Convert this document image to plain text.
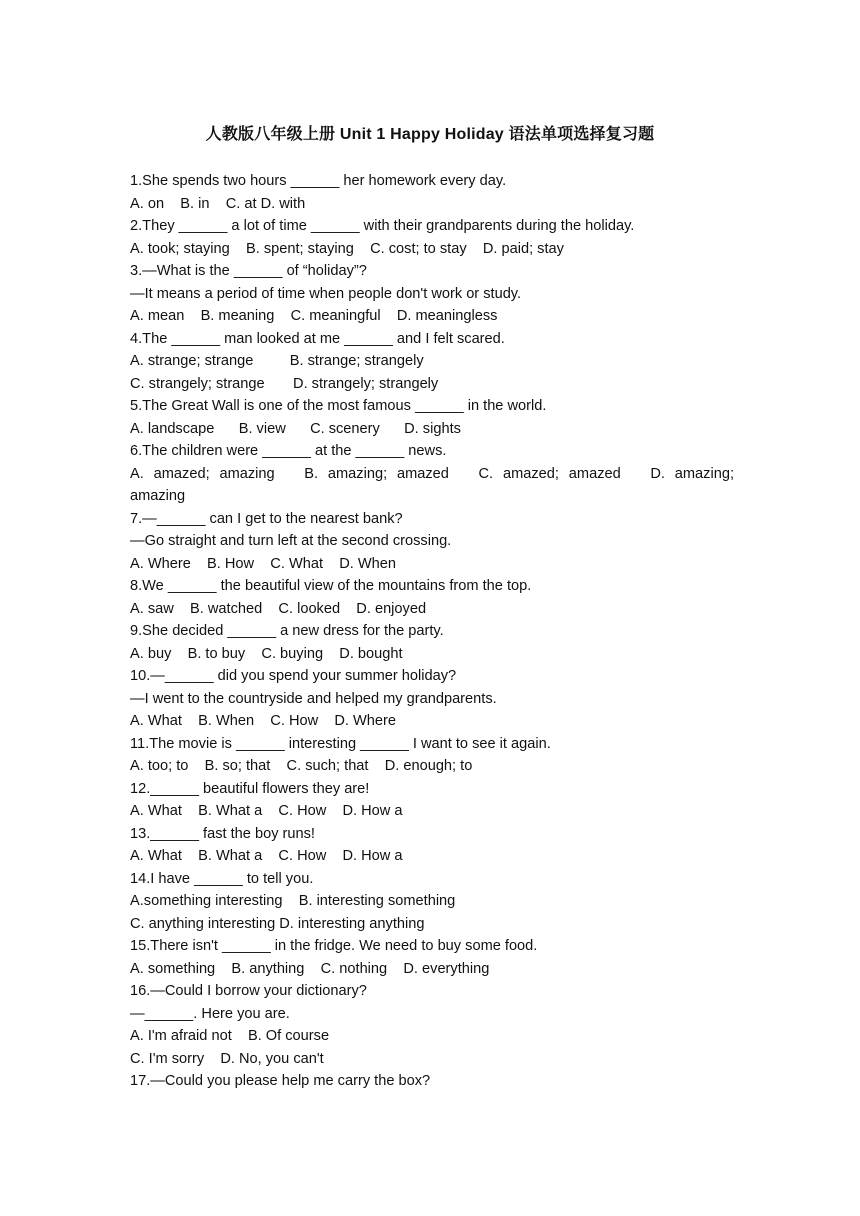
人教版八年级上册 Unit 1 Happy Holiday 语法单项选择复习题

1.She spends two hours ______ her homework every day.

A. on    B. in    C. at D. with

2.They ______ a lot of time ______ with their grandparents during the holiday.

A. took; staying    B. spent; staying    C. cost; to stay    D. paid; stay

3.—What is the ______ of “holiday”?

—It means a period of time when people don't work or study.

A. mean    B. meaning    C. meaningful    D. meaningless

4.The ______ man looked at me ______ and I felt scared.

A. strange; strange         B. strange; strangely

C. strangely; strange       D. strangely; strangely

5.The Great Wall is one of the most famous ______ in the world.

A. landscape      B. view      C. scenery      D. sights

6.The children were ______ at the ______ news.

A.  amazed;  amazing      B.  amazing;  amazed      C.  amazed;  amazed      D.  amazing;

amazing

7.—______ can I get to the nearest bank?

—Go straight and turn left at the second crossing.

A. Where    B. How    C. What    D. When

8.We ______ the beautiful view of the mountains from the top.

A. saw    B. watched    C. looked    D. enjoyed

9.She decided ______ a new dress for the party.

A. buy    B. to buy    C. buying    D. bought

10.—______ did you spend your summer holiday?

—I went to the countryside and helped my grandparents.

A. What    B. When    C. How    D. Where

11.The movie is ______ interesting ______ I want to see it again.

A. too; to    B. so; that    C. such; that    D. enough; to

12.______ beautiful flowers they are!

A. What    B. What a    C. How    D. How a

13.______ fast the boy runs!

A. What    B. What a    C. How    D. How a

14.I have ______ to tell you.

A.something interesting    B. interesting something

C. anything interesting D. interesting anything

15.There isn't ______ in the fridge. We need to buy some food.

A. something    B. anything    C. nothing    D. everything

16.—Could I borrow your dictionary?

—______. Here you are.

A. I'm afraid not    B. Of course

C. I'm sorry    D. No, you can't

17.—Could you please help me carry the box?
